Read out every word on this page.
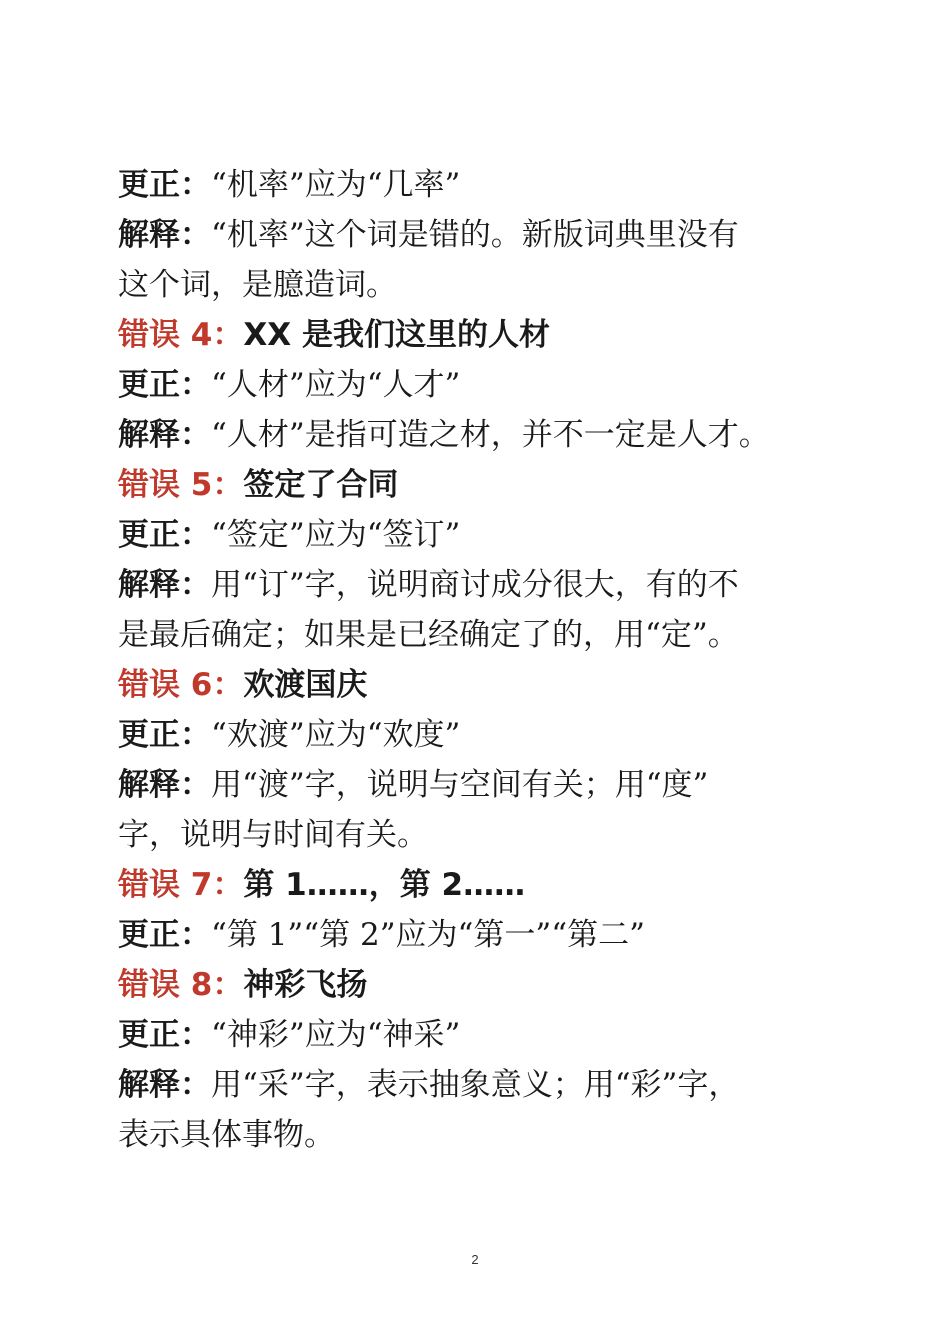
更正：“机率”应为“几率”
解释：“机率”这个词是错的。新版词典里没有
这个词，是臆造词。
错误 4：XX 是我们这里的人材
更正：“人材”应为“人才”
解释：“人材”是指可造之材，并不一定是人才。
错误 5：签定了合同
更正：“签定”应为“签订”
解释：用“订”字，说明商讨成分很大，有的不
是最后确定；如果是已经确定了的，用“定”。
错误 6：欢渡国庆
更正：“欢渡”应为“欢度”
解释：用“渡”字，说明与空间有关；用“度”
字，说明与时间有关。
错误 7：第 1……，第 2……
更正：“第 1”“第 2”应为“第一”“第二”
错误 8：神彩飞扬
更正：“神彩”应为“神采”
解释：用“采”字，表示抽象意义；用“彩”字，
表示具体事物。
2
